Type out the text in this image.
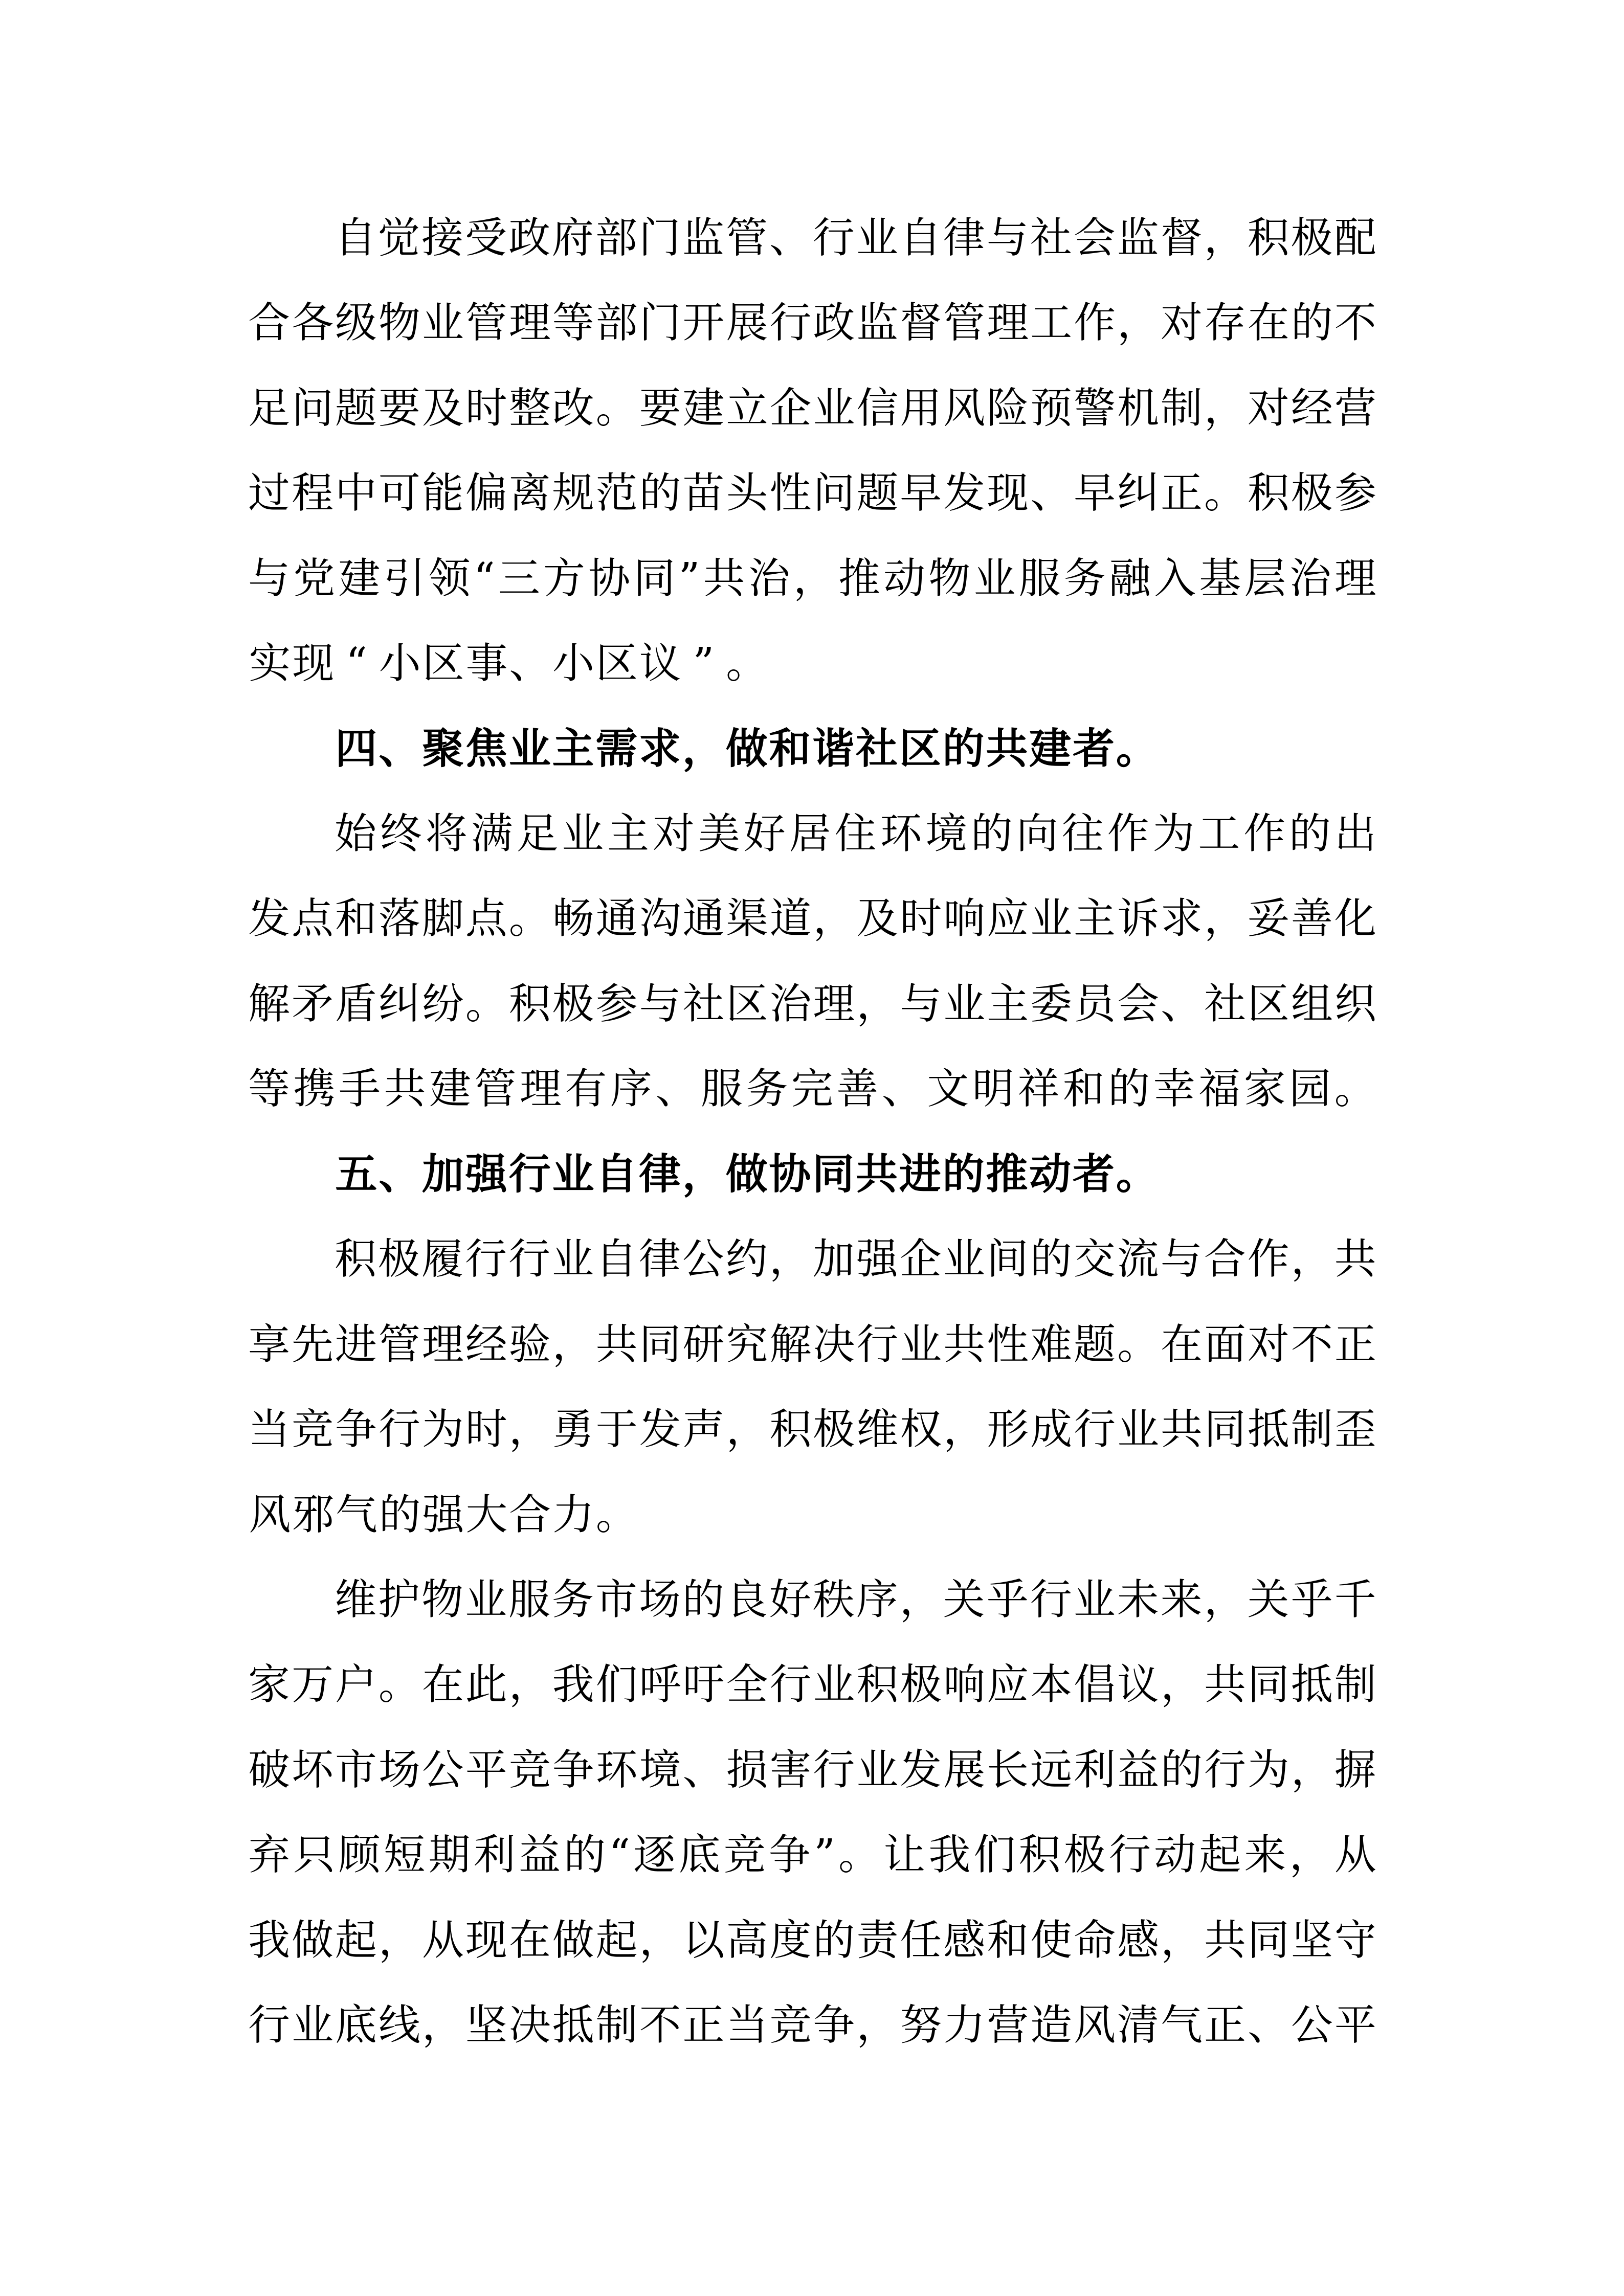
自 觉 接 受 政 府 部 门 监 管 、 行 业 自 律 与 社 会 监 督 ， 积 极 配
合 各 级 物 业 管 理 等 部 门 开 展 行 政 监 督 管 理 工 作 ， 对 存 在 的 不
足 问 题 要 及 时 整 改 。 要 建 立 企 业 信 用 风 险 预 警 机 制 ， 对 经 营
过 程 中 可 能 偏 离 规 范 的 苗 头 性 问 题 早 发 现 、 早 纠 正 。 积 极 参
与 党 建 引 领 “ 三 方 协 同 ” 共 治 ， 推 动 物 业 服 务 融 入 基 层 治 理
实 现 “ 小 区 事 、 小 区 议 ” 。
四 、 聚 焦 业 主 需 求 ， 做 和 谐 社 区 的 共 建 者 。
始 终 将 满 足 业 主 对 美 好 居 住 环 境 的 向 往 作 为 工 作 的 出
发 点 和 落 脚 点 。 畅 通 沟 通 渠 道 ， 及 时 响 应 业 主 诉 求 ， 妥 善 化
解 矛 盾 纠 纷 。 积 极 参 与 社 区 治 理 ， 与 业 主 委 员 会 、 社 区 组 织
等 携 手 共 建 管 理 有 序 、 服 务 完 善 、 文 明 祥 和 的 幸 福 家 园 。
五 、 加 强 行 业 自 律 ， 做 协 同 共 进 的 推 动 者 。
积 极 履 行 行 业 自 律 公 约 ， 加 强 企 业 间 的 交 流 与 合 作 ， 共
享 先 进 管 理 经 验 ， 共 同 研 究 解 决 行 业 共 性 难 题 。 在 面 对 不 正
当 竞 争 行 为 时 ， 勇 于 发 声 ， 积 极 维 权 ， 形 成 行 业 共 同 抵 制 歪
风 邪 气 的 强 大 合 力 。
维 护 物 业 服 务 市 场 的 良 好 秩 序 ， 关 乎 行 业 未 来 ， 关 乎 千
家 万 户 。 在 此 ， 我 们 呼 吁 全 行 业 积 极 响 应 本 倡 议 ， 共 同 抵 制
破 坏 市 场 公 平 竞 争 环 境 、 损 害 行 业 发 展 长 远 利 益 的 行 为 ， 摒
弃 只 顾 短 期 利 益 的 “ 逐 底 竞 争 ” 。 让 我 们 积 极 行 动 起 来 ， 从
我 做 起 ， 从 现 在 做 起 ， 以 高 度 的 责 任 感 和 使 命 感 ， 共 同 坚 守
行 业 底 线 ， 坚 决 抵 制 不 正 当 竞 争 ， 努 力 营 造 风 清 气 正 、 公 平
